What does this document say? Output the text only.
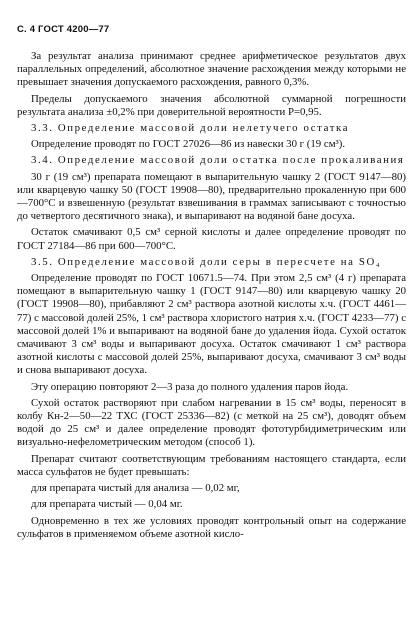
С. 4 ГОСТ 4200—77

За результат анализа принимают среднее арифметическое результатов двух параллельных определений, абсолютное значение расхождения между которыми не превышает значения допускаемого расхождения, равного 0,3%.

Пределы допускаемого значения абсолютной суммарной погрешности результата анализа ±0,2% при доверительной вероятности P=0,95.

3.3. Определение массовой доли нелетучего остатка

Определение проводят по ГОСТ 27026—86 из навески 30 г (19 см³).

3.4. Определение массовой доли остатка после прокаливания

30 г (19 см³) препарата помещают в выпарительную чашку 2 (ГОСТ 9147—80) или кварцевую чашку 50 (ГОСТ 19908—80), предварительно прокаленную при 600—700°С и взвешенную (результат взвешивания в граммах записывают с точностью до четвертого десятичного знака), и выпаривают на водяной бане досуха.

Остаток смачивают 0,5 см³ серной кислоты и далее определение проводят по ГОСТ 27184—86 при 600—700°С.

3.5. Определение массовой доли серы в пересчете на SO₄

Определение проводят по ГОСТ 10671.5—74. При этом 2,5 см³ (4 г) препарата помещают в выпарительную чашку 1 (ГОСТ 9147—80) или кварцевую чашку 20 (ГОСТ 19908—80), прибавляют 2 см³ раствора азотной кислоты х.ч. (ГОСТ 4461—77) с массовой долей 25%, 1 см³ раствора хлористого натрия х.ч. (ГОСТ 4233—77) с массовой долей 1% и выпаривают на водяной бане до удаления йода. Сухой остаток смачивают 3 см³ воды и выпаривают досуха. Остаток смачивают 1 см³ раствора азотной кислоты с массовой долей 25%, выпаривают досуха, смачивают 3 см³ воды и снова выпаривают досуха.

Эту операцию повторяют 2—3 раза до полного удаления паров йода.

Сухой остаток растворяют при слабом нагревании в 15 см³ воды, переносят в колбу Кн-2—50—22 ТХС (ГОСТ 25336—82) (с меткой на 25 см³), доводят объем водой до 25 см³ и далее определение проводят фототурбидиметрическим или визуально-нефелометрическим методом (способ 1).

Препарат считают соответствующим требованиям настоящего стандарта, если масса сульфатов не будет превышать:

для препарата чистый для анализа — 0,02 мг,

для препарата чистый — 0,04 мг.

Одновременно в тех же условиях проводят контрольный опыт на содержание сульфатов в применяемом объеме азотной кисло-
